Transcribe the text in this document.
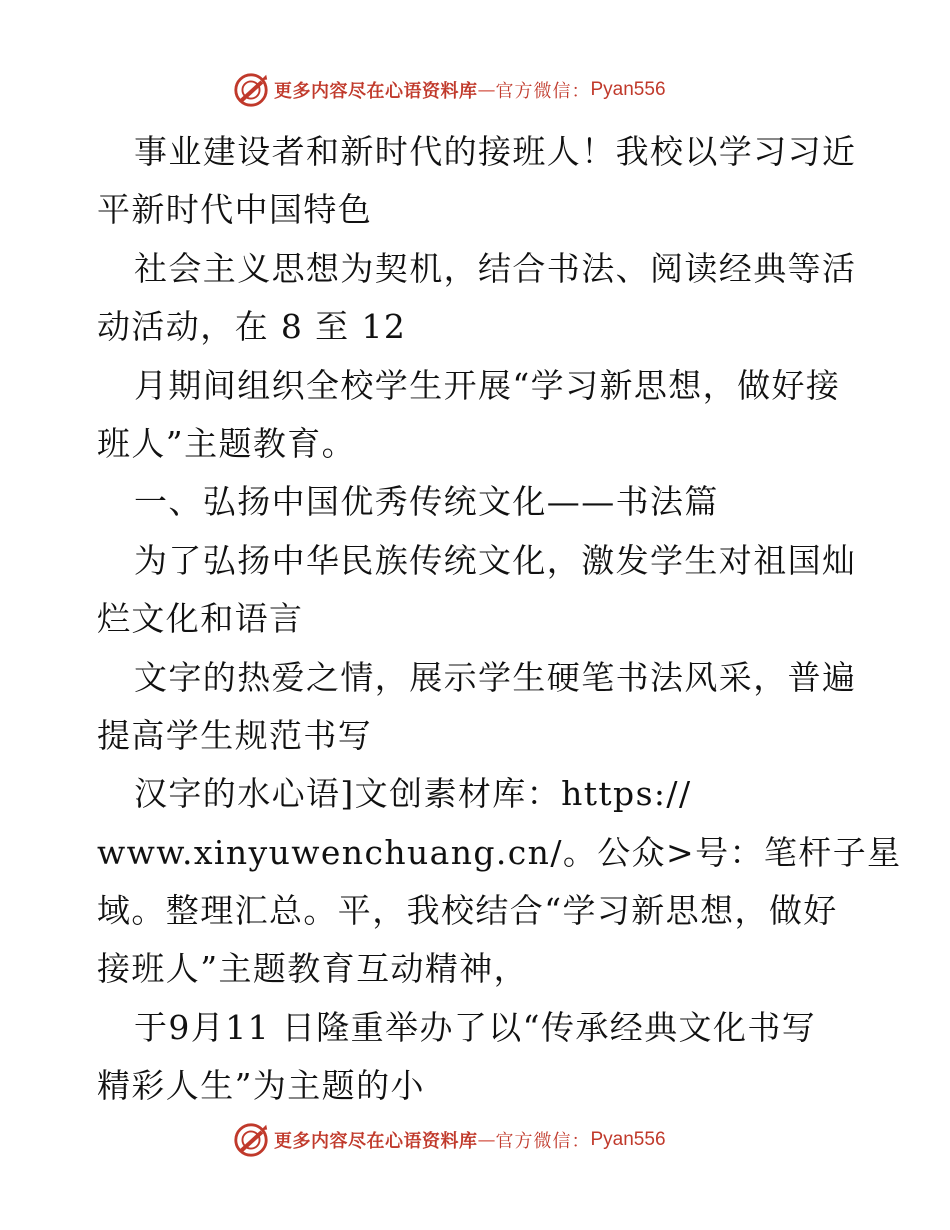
更多内容尽在心语资料库 — 官方微信： Pyan556
事业建设者和新时代的接班人！我校以学习习近
平新时代中国特色
社会主义思想为契机，结合书法、阅读经典等活
动活动，在 8 至 12
月期间组织全校学生开展“学习新思想，做好接
班人”主题教育。
一、弘扬中国优秀传统文化——书法篇
为了弘扬中华民族传统文化，激发学生对祖国灿
烂文化和语言
文字的热爱之情，展示学生硬笔书法风采，普遍
提高学生规范书写
汉字的水心语]文创素材库：https://
www.xinyuwenchuang.cn/。公众>号：笔杆子星
域。整理汇总。平，我校结合“学习新思想，做好
接班人”主题教育互动精神，
于9月11 日隆重举办了以“传承经典文化书写
精彩人生”为主题的小
更多内容尽在心语资料库 — 官方微信： Pyan556
